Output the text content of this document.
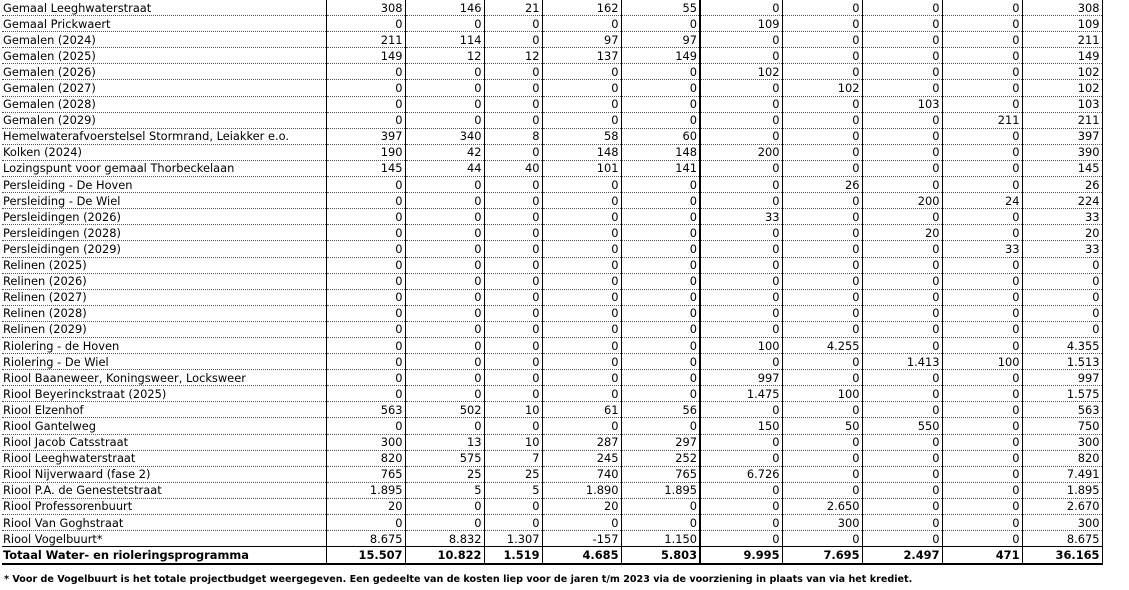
Gemaal Leeghwaterstraat	308	146	21	162	55	0	0	0	0	308
Gemaal Prickwaert	0	0	0	0	0	109	0	0	0	109
Gemalen (2024)	211	114	0	97	97	0	0	0	0	211
Gemalen (2025)	149	12	12	137	149	0	0	0	0	149
Gemalen (2026)	0	0	0	0	0	102	0	0	0	102
Gemalen (2027)	0	0	0	0	0	0	102	0	0	102
Gemalen (2028)	0	0	0	0	0	0	0	103	0	103
Gemalen (2029)	0	0	0	0	0	0	0	0	211	211
Hemelwaterafvoerstelsel Stormrand, Leiakker e.o.	397	340	8	58	60	0	0	0	0	397
Kolken (2024)	190	42	0	148	148	200	0	0	0	390
Lozingspunt voor gemaal Thorbeckelaan	145	44	40	101	141	0	0	0	0	145
Persleiding - De Hoven	0	0	0	0	0	0	26	0	0	26
Persleiding - De Wiel	0	0	0	0	0	0	0	200	24	224
Persleidingen (2026)	0	0	0	0	0	33	0	0	0	33
Persleidingen (2028)	0	0	0	0	0	0	0	20	0	20
Persleidingen (2029)	0	0	0	0	0	0	0	0	33	33
Relinen (2025)	0	0	0	0	0	0	0	0	0	0
Relinen (2026)	0	0	0	0	0	0	0	0	0	0
Relinen (2027)	0	0	0	0	0	0	0	0	0	0
Relinen (2028)	0	0	0	0	0	0	0	0	0	0
Relinen (2029)	0	0	0	0	0	0	0	0	0	0
Riolering - de Hoven	0	0	0	0	0	100	4.255	0	0	4.355
Riolering - De Wiel	0	0	0	0	0	0	0	1.413	100	1.513
Riool Baaneweer, Koningsweer, Locksweer	0	0	0	0	0	997	0	0	0	997
Riool Beyerinckstraat (2025)	0	0	0	0	0	1.475	100	0	0	1.575
Riool Elzenhof	563	502	10	61	56	0	0	0	0	563
Riool Gantelweg	0	0	0	0	0	150	50	550	0	750
Riool Jacob Catsstraat	300	13	10	287	297	0	0	0	0	300
Riool Leeghwaterstraat	820	575	7	245	252	0	0	0	0	820
Riool Nijverwaard (fase 2)	765	25	25	740	765	6.726	0	0	0	7.491
Riool P.A. de Genestetstraat	1.895	5	5	1.890	1.895	0	0	0	0	1.895
Riool Professorenbuurt	20	0	0	20	0	0	2.650	0	0	2.670
Riool Van Goghstraat	0	0	0	0	0	0	300	0	0	300
Riool Vogelbuurt*	8.675	8.832	1.307	-157	1.150	0	0	0	0	8.675
Totaal Water- en rioleringsprogramma	15.507	10.822	1.519	4.685	5.803	9.995	7.695	2.497	471	36.165
* Voor de Vogelbuurt is het totale projectbudget weergegeven. Een gedeelte van de kosten liep voor de jaren t/m 2023 via de voorziening in plaats van via het krediet.
